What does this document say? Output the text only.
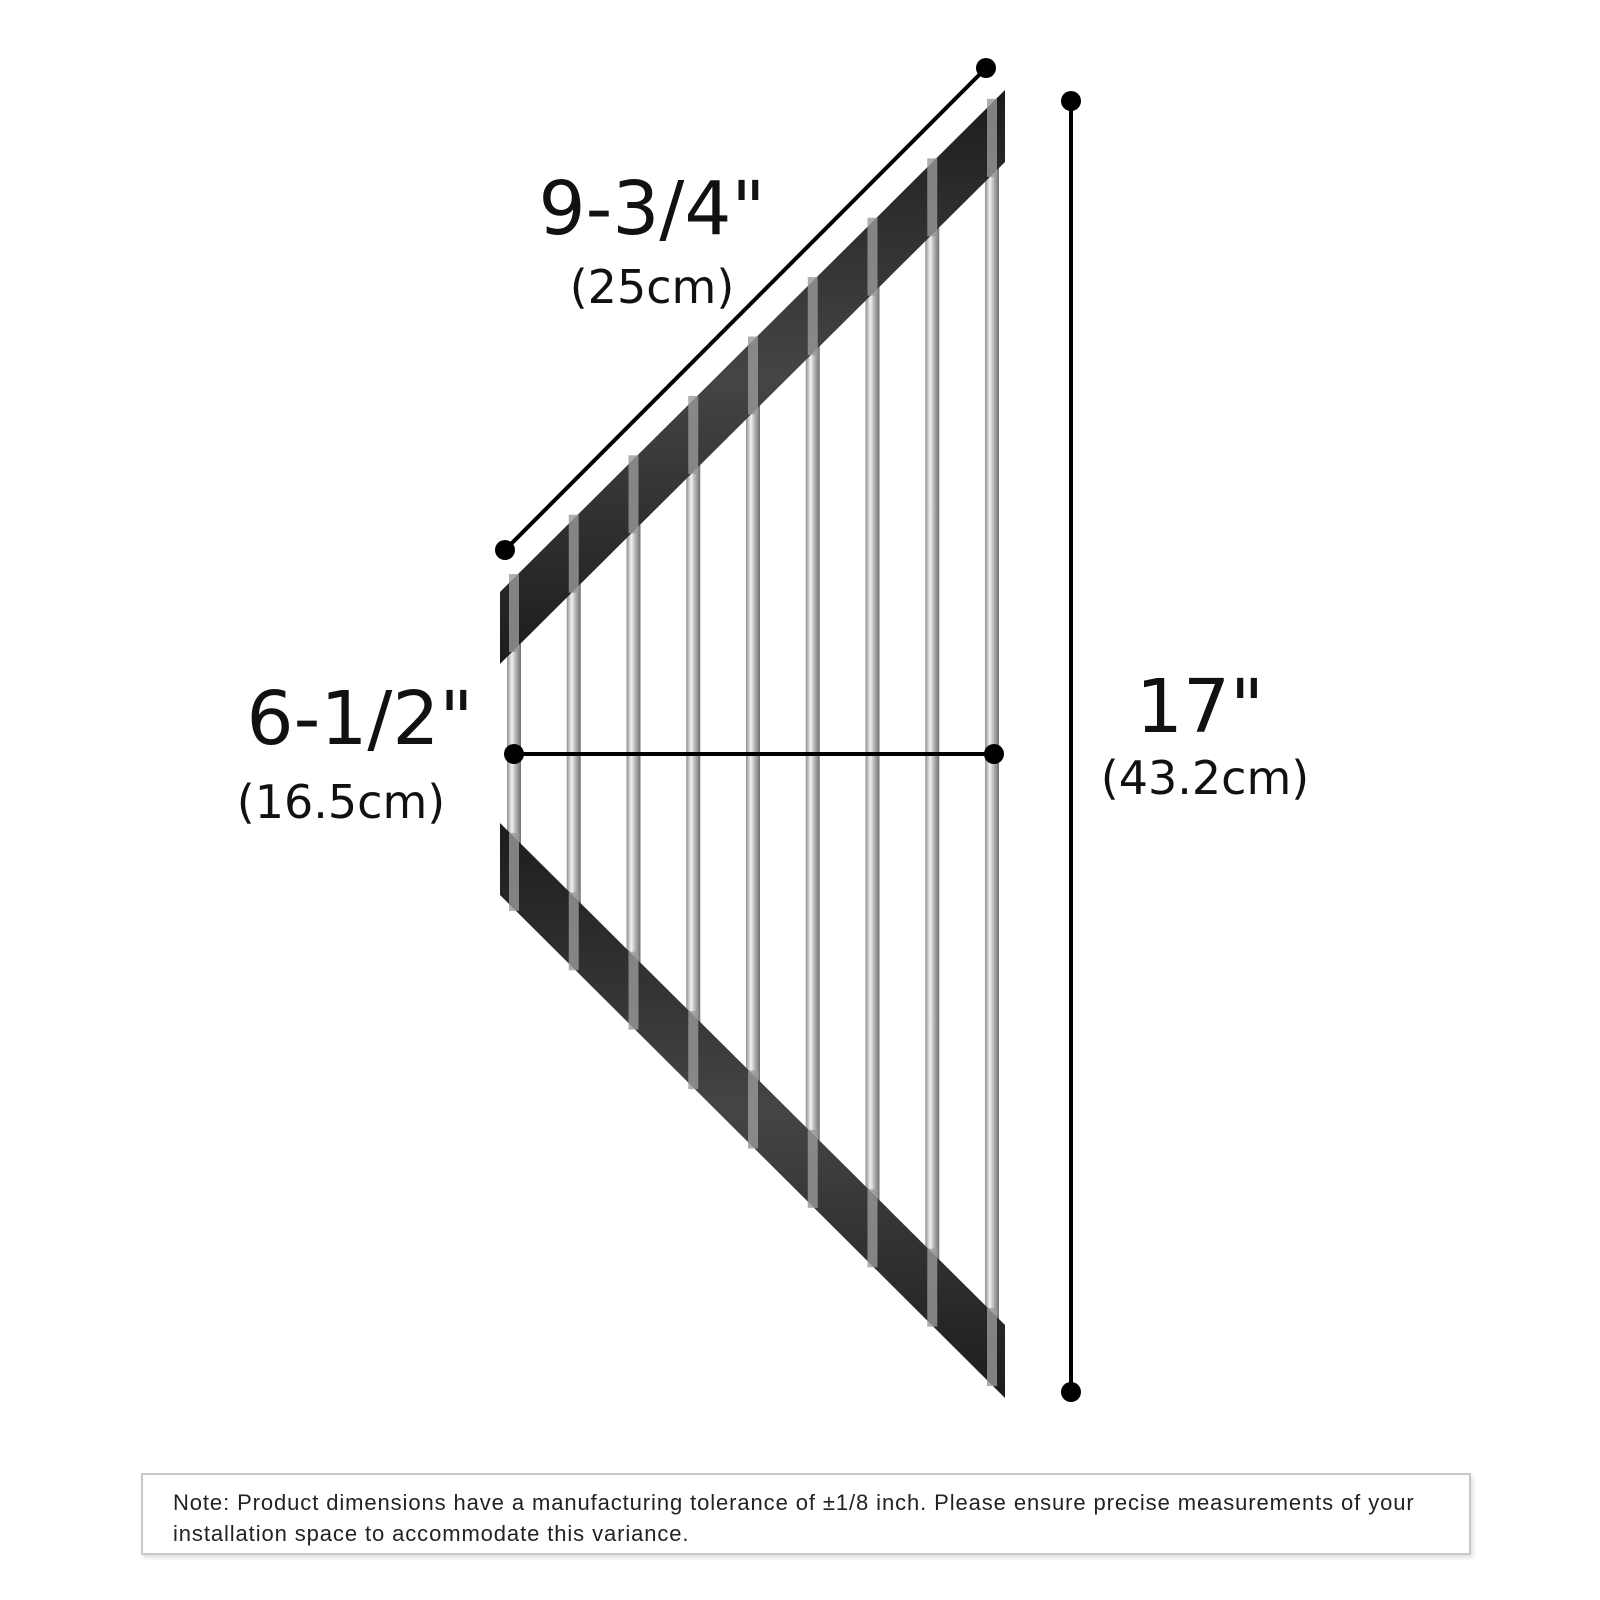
9-3/4"
(25cm)
6-1/2"
(16.5cm)
17"
(43.2cm)
Note: Product dimensions have a manufacturing tolerance of ±1/8 inch. Please ensure precise measurements of your installation space to accommodate this variance.
